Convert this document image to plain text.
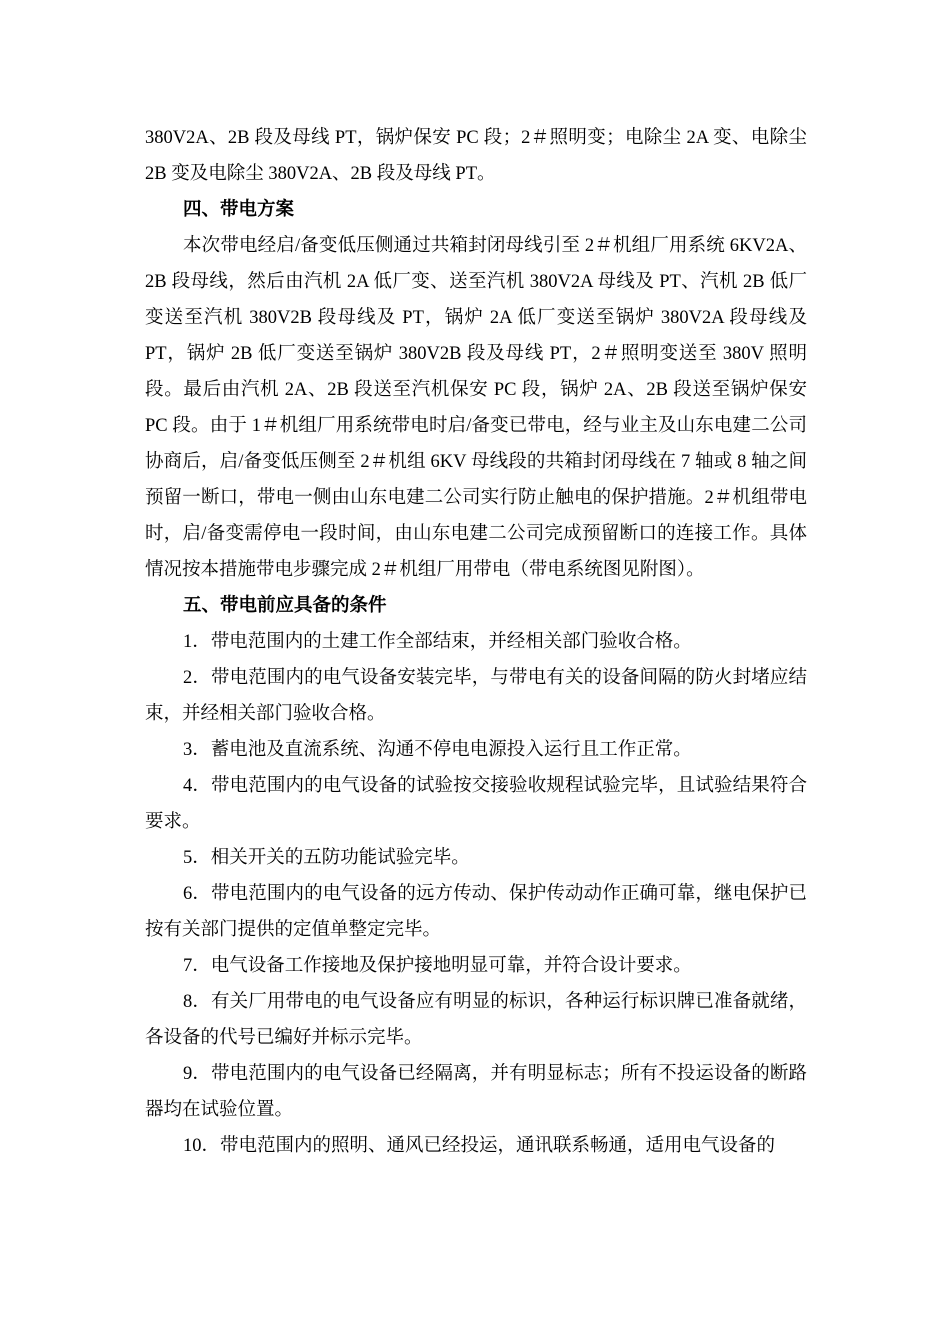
380V2A、2B 段及母线 PT，锅炉保安 PC 段；2＃照明变；电除尘 2A 变、电除尘 2B 变及电除尘 380V2A、2B 段及母线 PT。

四、带电方案

本次带电经启/备变低压侧通过共箱封闭母线引至 2＃机组厂用系统 6KV2A、2B 段母线，然后由汽机 2A 低厂变、送至汽机 380V2A 母线及 PT、汽机 2B 低厂变送至汽机 380V2B 段母线及 PT，锅炉 2A 低厂变送至锅炉 380V2A 段母线及 PT，锅炉 2B 低厂变送至锅炉 380V2B 段及母线 PT，2＃照明变送至 380V 照明段。最后由汽机 2A、2B 段送至汽机保安 PC 段，锅炉 2A、2B 段送至锅炉保安 PC 段。由于 1＃机组厂用系统带电时启/备变已带电，经与业主及山东电建二公司协商后，启/备变低压侧至 2＃机组 6KV 母线段的共箱封闭母线在 7 轴或 8 轴之间预留一断口，带电一侧由山东电建二公司实行防止触电的保护措施。2＃机组带电时，启/备变需停电一段时间，由山东电建二公司完成预留断口的连接工作。具体情况按本措施带电步骤完成 2＃机组厂用带电（带电系统图见附图）。

五、带电前应具备的条件

1．带电范围内的土建工作全部结束，并经相关部门验收合格。

2．带电范围内的电气设备安装完毕，与带电有关的设备间隔的防火封堵应结束，并经相关部门验收合格。

3．蓄电池及直流系统、沟通不停电电源投入运行且工作正常。

4．带电范围内的电气设备的试验按交接验收规程试验完毕，且试验结果符合要求。

5．相关开关的五防功能试验完毕。

6．带电范围内的电气设备的远方传动、保护传动动作正确可靠，继电保护已按有关部门提供的定值单整定完毕。

7．电气设备工作接地及保护接地明显可靠，并符合设计要求。

8．有关厂用带电的电气设备应有明显的标识，各种运行标识牌已准备就绪，各设备的代号已编好并标示完毕。

9．带电范围内的电气设备已经隔离，并有明显标志；所有不投运设备的断路器均在试验位置。

10．带电范围内的照明、通风已经投运，通讯联系畅通，适用电气设备的
